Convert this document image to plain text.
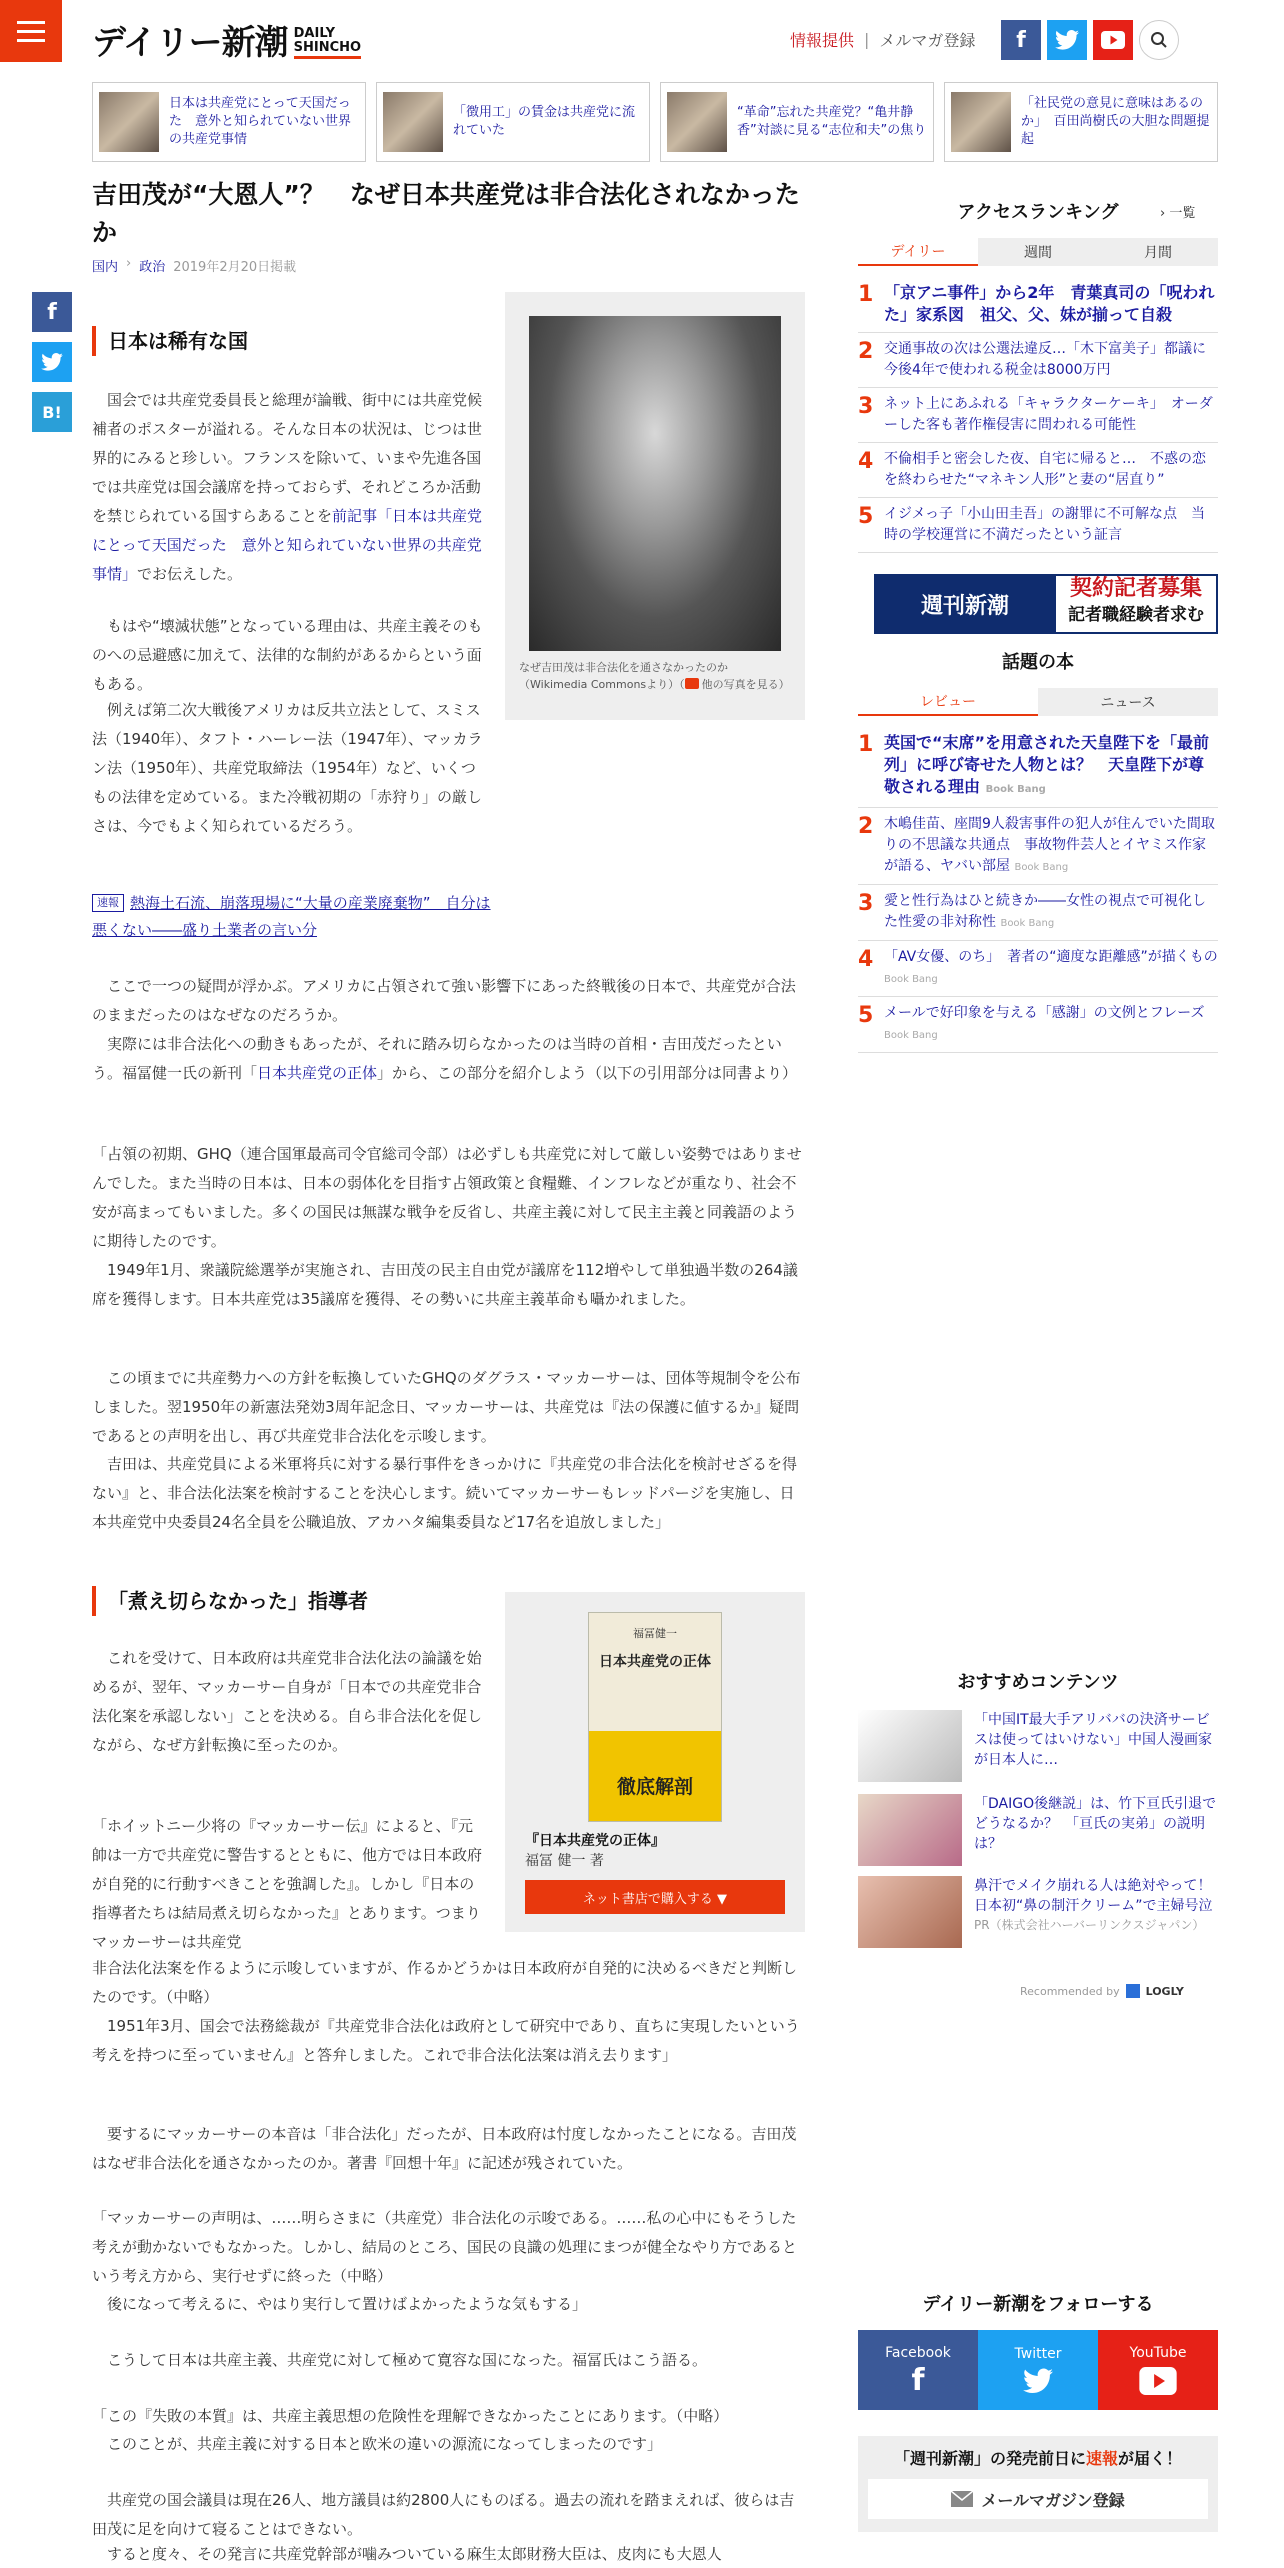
デイリー新潮 DAILY
SHINCHO	情報提供 | メルマガ登録	f
日本は共産党にとって天国だった　意外と知られていない世界の共産党事情
「徴用工」の賃金は共産党に流れていた
“革命”忘れた共産党？“亀井静香”対談に見る“志位和夫”の焦り
「社民党の意見に意味はあるのか」　百田尚樹氏の大胆な問題提起
吉田茂が“大恩人”？　なぜ日本共産党は非合法化されなかったか
国内 › 政治 2019年2月20日掲載
f
B!
日本は稀有な国
　国会では共産党委員長と総理が論戦、街中には共産党候補者のポスターが溢れる。そんな日本の状況は、じつは世界的にみると珍しい。フランスを除いて、いまや先進各国では共産党は国会議席を持っておらず、それどころか活動を禁じられている国すらあることを前記事「日本は共産党にとって天国だった　意外と知られていない世界の共産党事情」でお伝えした。
　もはや“壊滅状態”となっている理由は、共産主義そのものへの忌避感に加えて、法律的な制約があるからという面もある。
　例えば第二次大戦後アメリカは反共立法として、スミス法（1940年）、タフト・ハーレー法（1947年）、マッカラン法（1950年）、共産党取締法（1954年）など、いくつもの法律を定めている。また冷戦初期の「赤狩り」の厳しさは、今でもよく知られているだろう。
なぜ吉田茂は非合法化を通さなかったのか（Wikimedia Commonsより）（ 他の写真を見る）
速報 熱海土石流、崩落現場に“大量の産業廃棄物”　自分は悪くない――盛り土業者の言い分
　ここで一つの疑問が浮かぶ。アメリカに占領されて強い影響下にあった終戦後の日本で、共産党が合法のままだったのはなぜなのだろうか。
　実際には非合法化への動きもあったが、それに踏み切らなかったのは当時の首相・吉田茂だったという。福冨健一氏の新刊「日本共産党の正体」から、この部分を紹介しよう（以下の引用部分は同書より）
「占領の初期、GHQ（連合国軍最高司令官総司令部）は必ずしも共産党に対して厳しい姿勢ではありませんでした。また当時の日本は、日本の弱体化を目指す占領政策と食糧難、インフレなどが重なり、社会不安が高まってもいました。多くの国民は無謀な戦争を反省し、共産主義に対して民主主義と同義語のように期待したのです。
　1949年1月、衆議院総選挙が実施され、吉田茂の民主自由党が議席を112増やして単独過半数の264議席を獲得します。日本共産党は35議席を獲得、その勢いに共産主義革命も囁かれました。
　この頃までに共産勢力への方針を転換していたGHQのダグラス・マッカーサーは、団体等規制令を公布しました。翌1950年の新憲法発効3周年記念日、マッカーサーは、共産党は『法の保護に値するか』疑問であるとの声明を出し、再び共産党非合法化を示唆します。
　吉田は、共産党員による米軍将兵に対する暴行事件をきっかけに『共産党の非合法化を検討せざるを得ない』と、非合法化法案を検討することを決心します。続いてマッカーサーもレッドパージを実施し、日本共産党中央委員24名全員を公職追放、アカハタ編集委員など17名を追放しました」
「煮え切らなかった」指導者
福冨健一
日本共産党の正体
徹底解剖
『日本共産党の正体』
福冨 健一 著
ネット書店で購入する ▼
　これを受けて、日本政府は共産党非合法化法の論議を始めるが、翌年、マッカーサー自身が「日本での共産党非合法化案を承認しない」ことを決める。自ら非合法化を促しながら、なぜ方針転換に至ったのか。
「ホイットニー少将の『マッカーサー伝』によると、『元帥は一方で共産党に警告するとともに、他方では日本政府が自発的に行動すべきことを強調した』。しかし『日本の指導者たちは結局煮え切らなかった』とあります。つまりマッカーサーは共産党
非合法化法案を作るように示唆していますが、作るかどうかは日本政府が自発的に決めるべきだと判断したのです。（中略）
　1951年3月、国会で法務総裁が『共産党非合法化は政府として研究中であり、直ちに実現したいという考えを持つに至っていません』と答弁しました。これで非合法化法案は消え去ります」
　要するにマッカーサーの本音は「非合法化」だったが、日本政府は忖度しなかったことになる。吉田茂はなぜ非合法化を通さなかったのか。著書『回想十年』に記述が残されていた。
「マッカーサーの声明は、……明らさまに（共産党）非合法化の示唆である。……私の心中にもそうした考えが動かないでもなかった。しかし、結局のところ、国民の良識の処理にまつが健全なやり方であるという考え方から、実行せずに終った（中略）
　後になって考えるに、やはり実行して置けばよかったような気もする」
　こうして日本は共産主義、共産党に対して極めて寛容な国になった。福冨氏はこう語る。
「この『失敗の本質』は、共産主義思想の危険性を理解できなかったことにあります。（中略）
　このことが、共産主義に対する日本と欧米の違いの源流になってしまったのです」
　共産党の国会議員は現在26人、地方議員は約2800人にものぼる。過去の流れを踏まえれば、彼らは吉田茂に足を向けて寝ることはできない。
　すると度々、その発言に共産党幹部が噛みついている麻生太郎財務大臣は、皮肉にも大恩人
アクセスランキング	› 一覧
デイリー	週間	月間
1 「京アニ事件」から2年　青葉真司の「呪われた」家系図　祖父、父、妹が揃って自殺
2 交通事故の次は公選法違反…「木下富美子」都議に今後4年で使われる税金は8000万円
3 ネット上にあふれる「キャラクターケーキ」　オーダーした客も著作権侵害に問われる可能性
4 不倫相手と密会した夜、自宅に帰ると…　不惑の恋を終わらせた“マネキン人形”と妻の“居直り”
5 イジメっ子「小山田圭吾」の謝罪に不可解な点　当時の学校運営に不満だったという証言
週刊新潮
契約記者募集
記者職経験者求む
話題の本
レビュー	ニュース
1 英国で“末席”を用意された天皇陛下を「最前列」に呼び寄せた人物とは？　天皇陛下が尊敬される理由 Book Bang
2 木嶋佳苗、座間9人殺害事件の犯人が住んでいた間取りの不思議な共通点　事故物件芸人とイヤミス作家が語る、ヤバい部屋 Book Bang
3 愛と性行為はひと続きか――女性の視点で可視化した性愛の非対称性 Book Bang
4 「AV女優、のち」　著者の“適度な距離感”が描くもの Book Bang
5 メールで好印象を与える「感謝」の文例とフレーズ Book Bang
おすすめコンテンツ
「中国IT最大手アリババの決済サービスは使ってはいけない」中国人漫画家が日本人に…
「DAIGO後継説」は、竹下亘氏引退でどうなるか？　「亘氏の実弟」の説明は？
鼻汗でメイク崩れる人は絶対やって！日本初“鼻の制汗クリーム”で主婦号泣
PR（株式会社ハーバーリンクスジャパン）
Recommended by LOGLY
デイリー新潮をフォローする
Facebook
f
Twitter	YouTube
「週刊新潮」の発売前日に速報が届く！
メールマガジン登録
